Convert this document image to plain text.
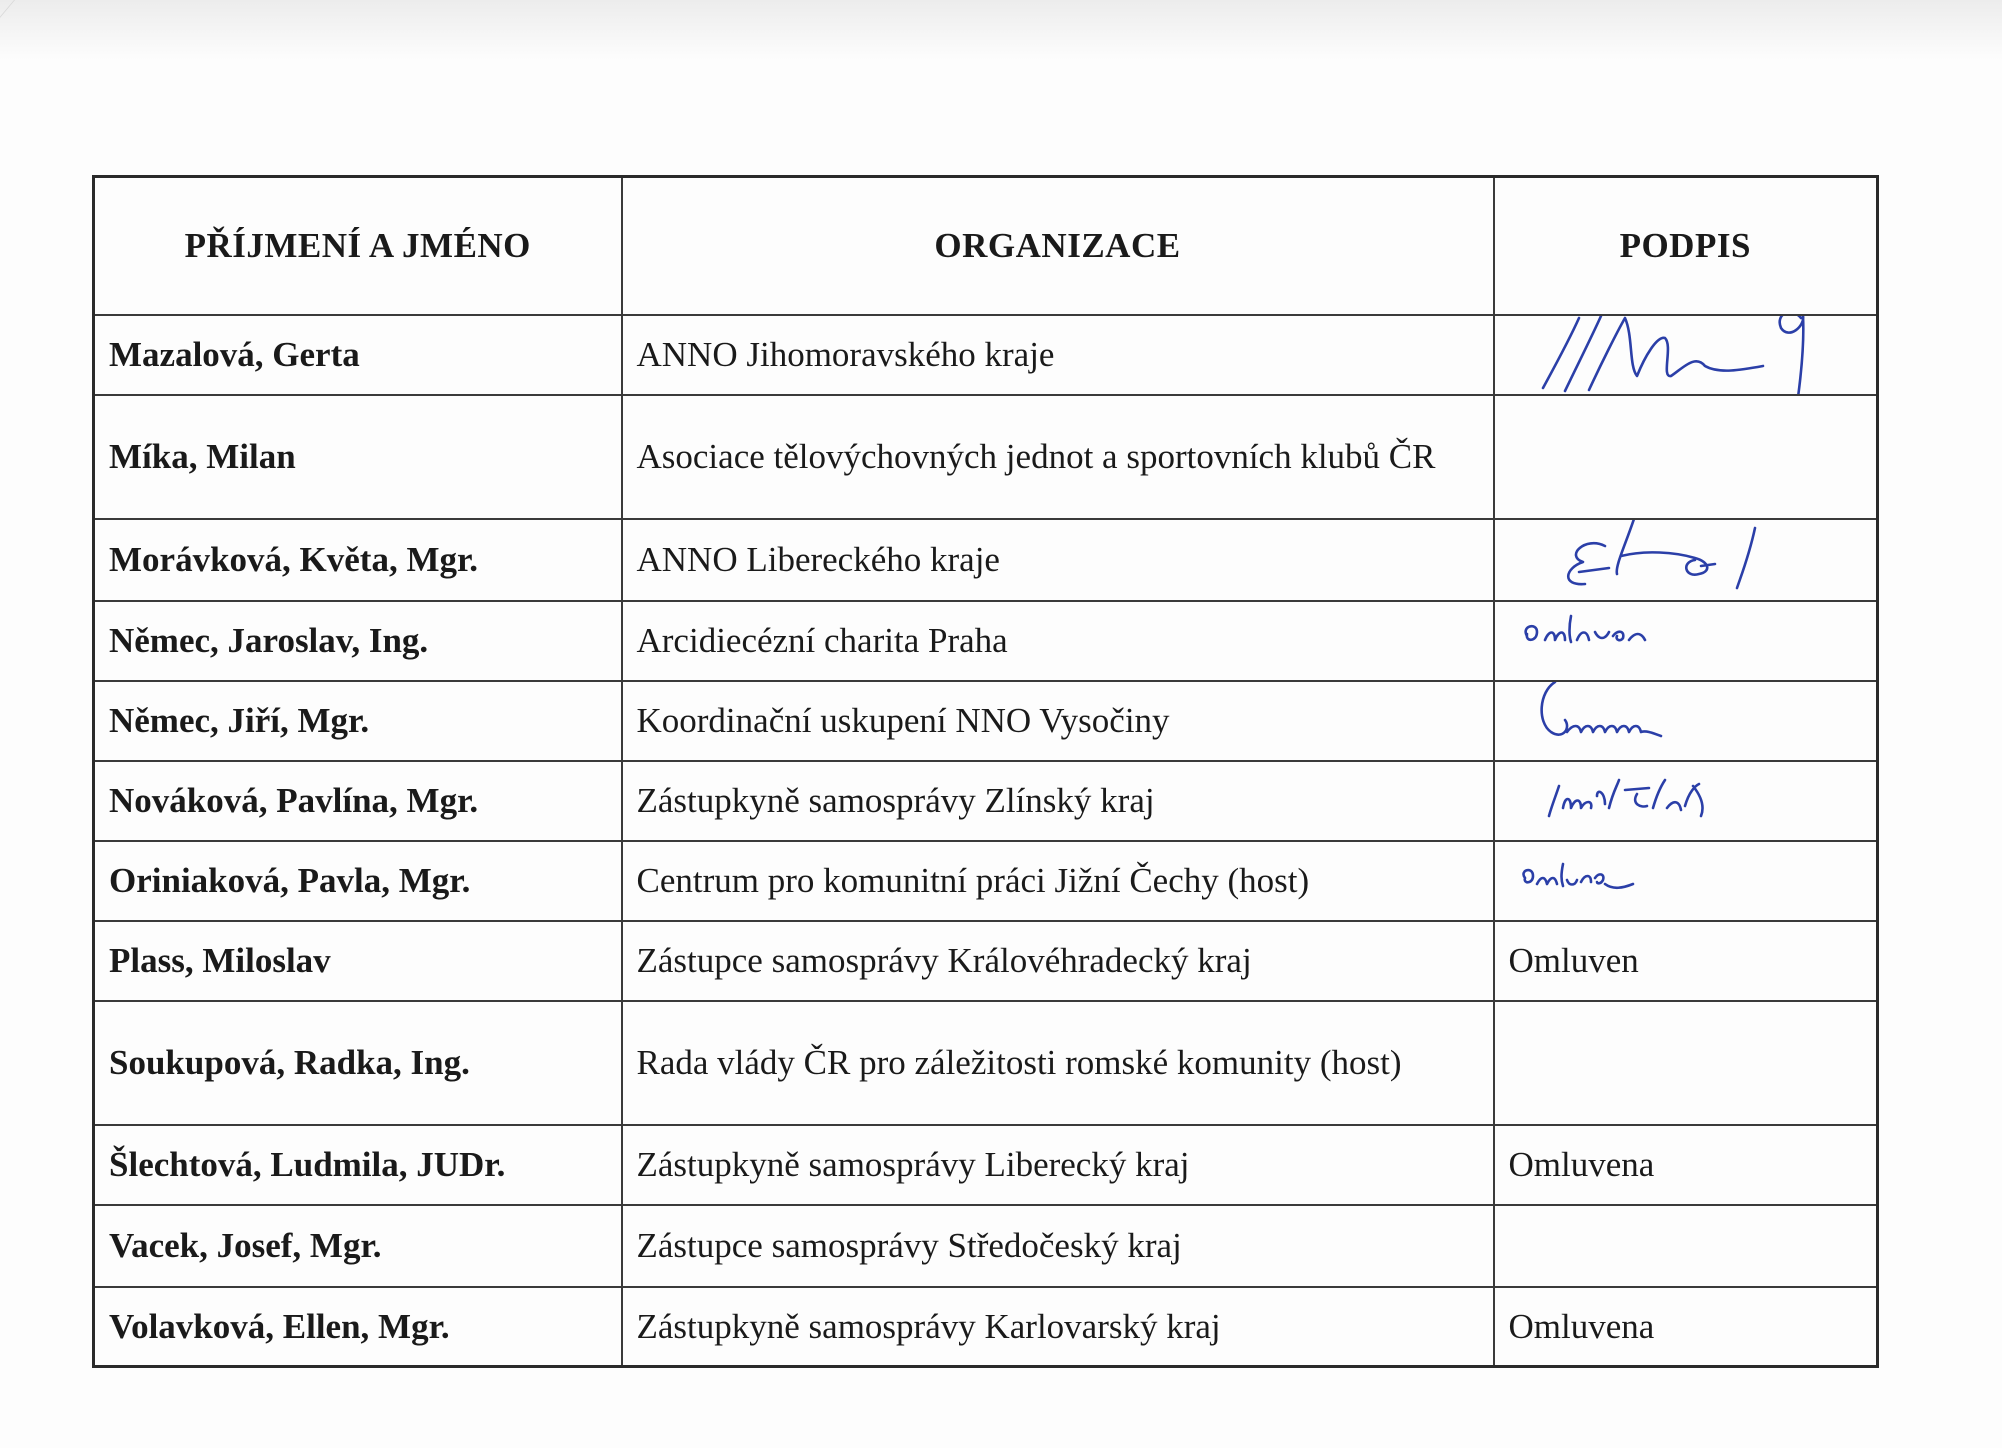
PŘÍJMENÍ A JMÉNO	ORGANIZACE	PODPIS
Mazalová, Gerta	ANNO Jihomoravského kraje	

Míka, Milan	Asociace tělovýchovných jednot a sportovních klubů ČR	
Morávková, Květa, Mgr.	ANNO Libereckého kraje	

Němec, Jaroslav, Ing.	Arcidiecézní charita Praha	

Němec, Jiří, Mgr.	Koordinační uskupení NNO Vysočiny	

Nováková, Pavlína, Mgr.	Zástupkyně samosprávy Zlínský kraj	

Oriniaková, Pavla, Mgr.	Centrum pro komunitní práci Jižní Čechy (host)	

Plass, Miloslav	Zástupce samosprávy Královéhradecký kraj	Omluven
Soukupová, Radka, Ing.	Rada vlády ČR pro záležitosti romské komunity (host)	
Šlechtová, Ludmila, JUDr.	Zástupkyně samosprávy Liberecký kraj	Omluvena
Vacek, Josef, Mgr.	Zástupce samosprávy Středočeský kraj	
Volavková, Ellen, Mgr.	Zástupkyně samosprávy Karlovarský kraj	Omluvena
